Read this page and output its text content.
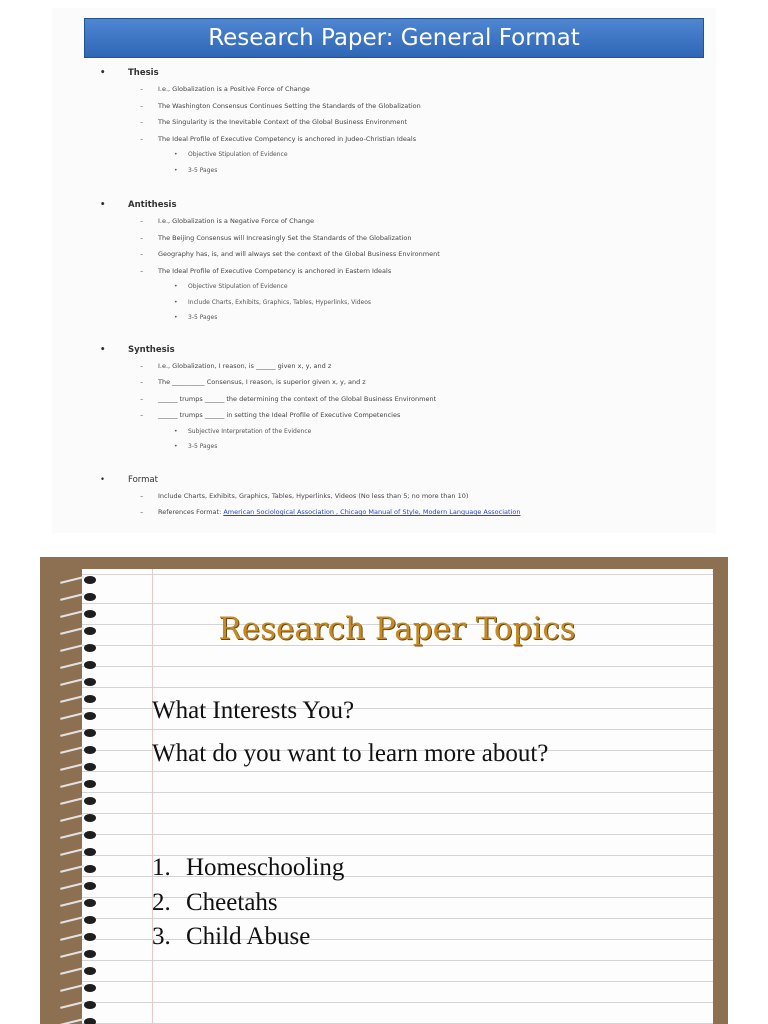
Research Paper: General Format
•	Thesis
– I.e., Globalization is a Positive Force of Change
– The Washington Consensus Continues Setting the Standards of the Globalization
– The Singularity is the Inevitable Context of the Global Business Environment
– The Ideal Profile of Executive Competency is anchored in Judeo-Christian Ideals
• Objective Stipulation of Evidence
• 3-5 Pages
•	Antithesis
– I.e., Globalization is a Negative Force of Change
– The Beijing Consensus will Increasingly Set the Standards of the Globalization
– Geography has, is, and will always set the context of the Global Business Environment
– The Ideal Profile of Executive Competency is anchored in Eastern Ideals
• Objective Stipulation of Evidence
• Include Charts, Exhibits, Graphics, Tables, Hyperlinks, Videos
• 3-5 Pages
•	Synthesis
– I.e., Globalization, I reason, is ______ given x, y, and z
– The __________ Consensus, I reason, is superior given x, y, and z
– ______ trumps ______ the determining the context of the Global Business Environment
– ______ trumps ______ in setting the Ideal Profile of Executive Competencies
• Subjective Interpretation of the Evidence
• 3-5 Pages
•	Format
– Include Charts, Exhibits, Graphics, Tables, Hyperlinks, Videos (No less than 5; no more than 10)
– References Format: American Sociological Association , Chicago Manual of Style, Modern Language Association
Research Paper Topics
What Interests You?
What do you want to learn more about?
1. Homeschooling
2. Cheetahs
3. Child Abuse
